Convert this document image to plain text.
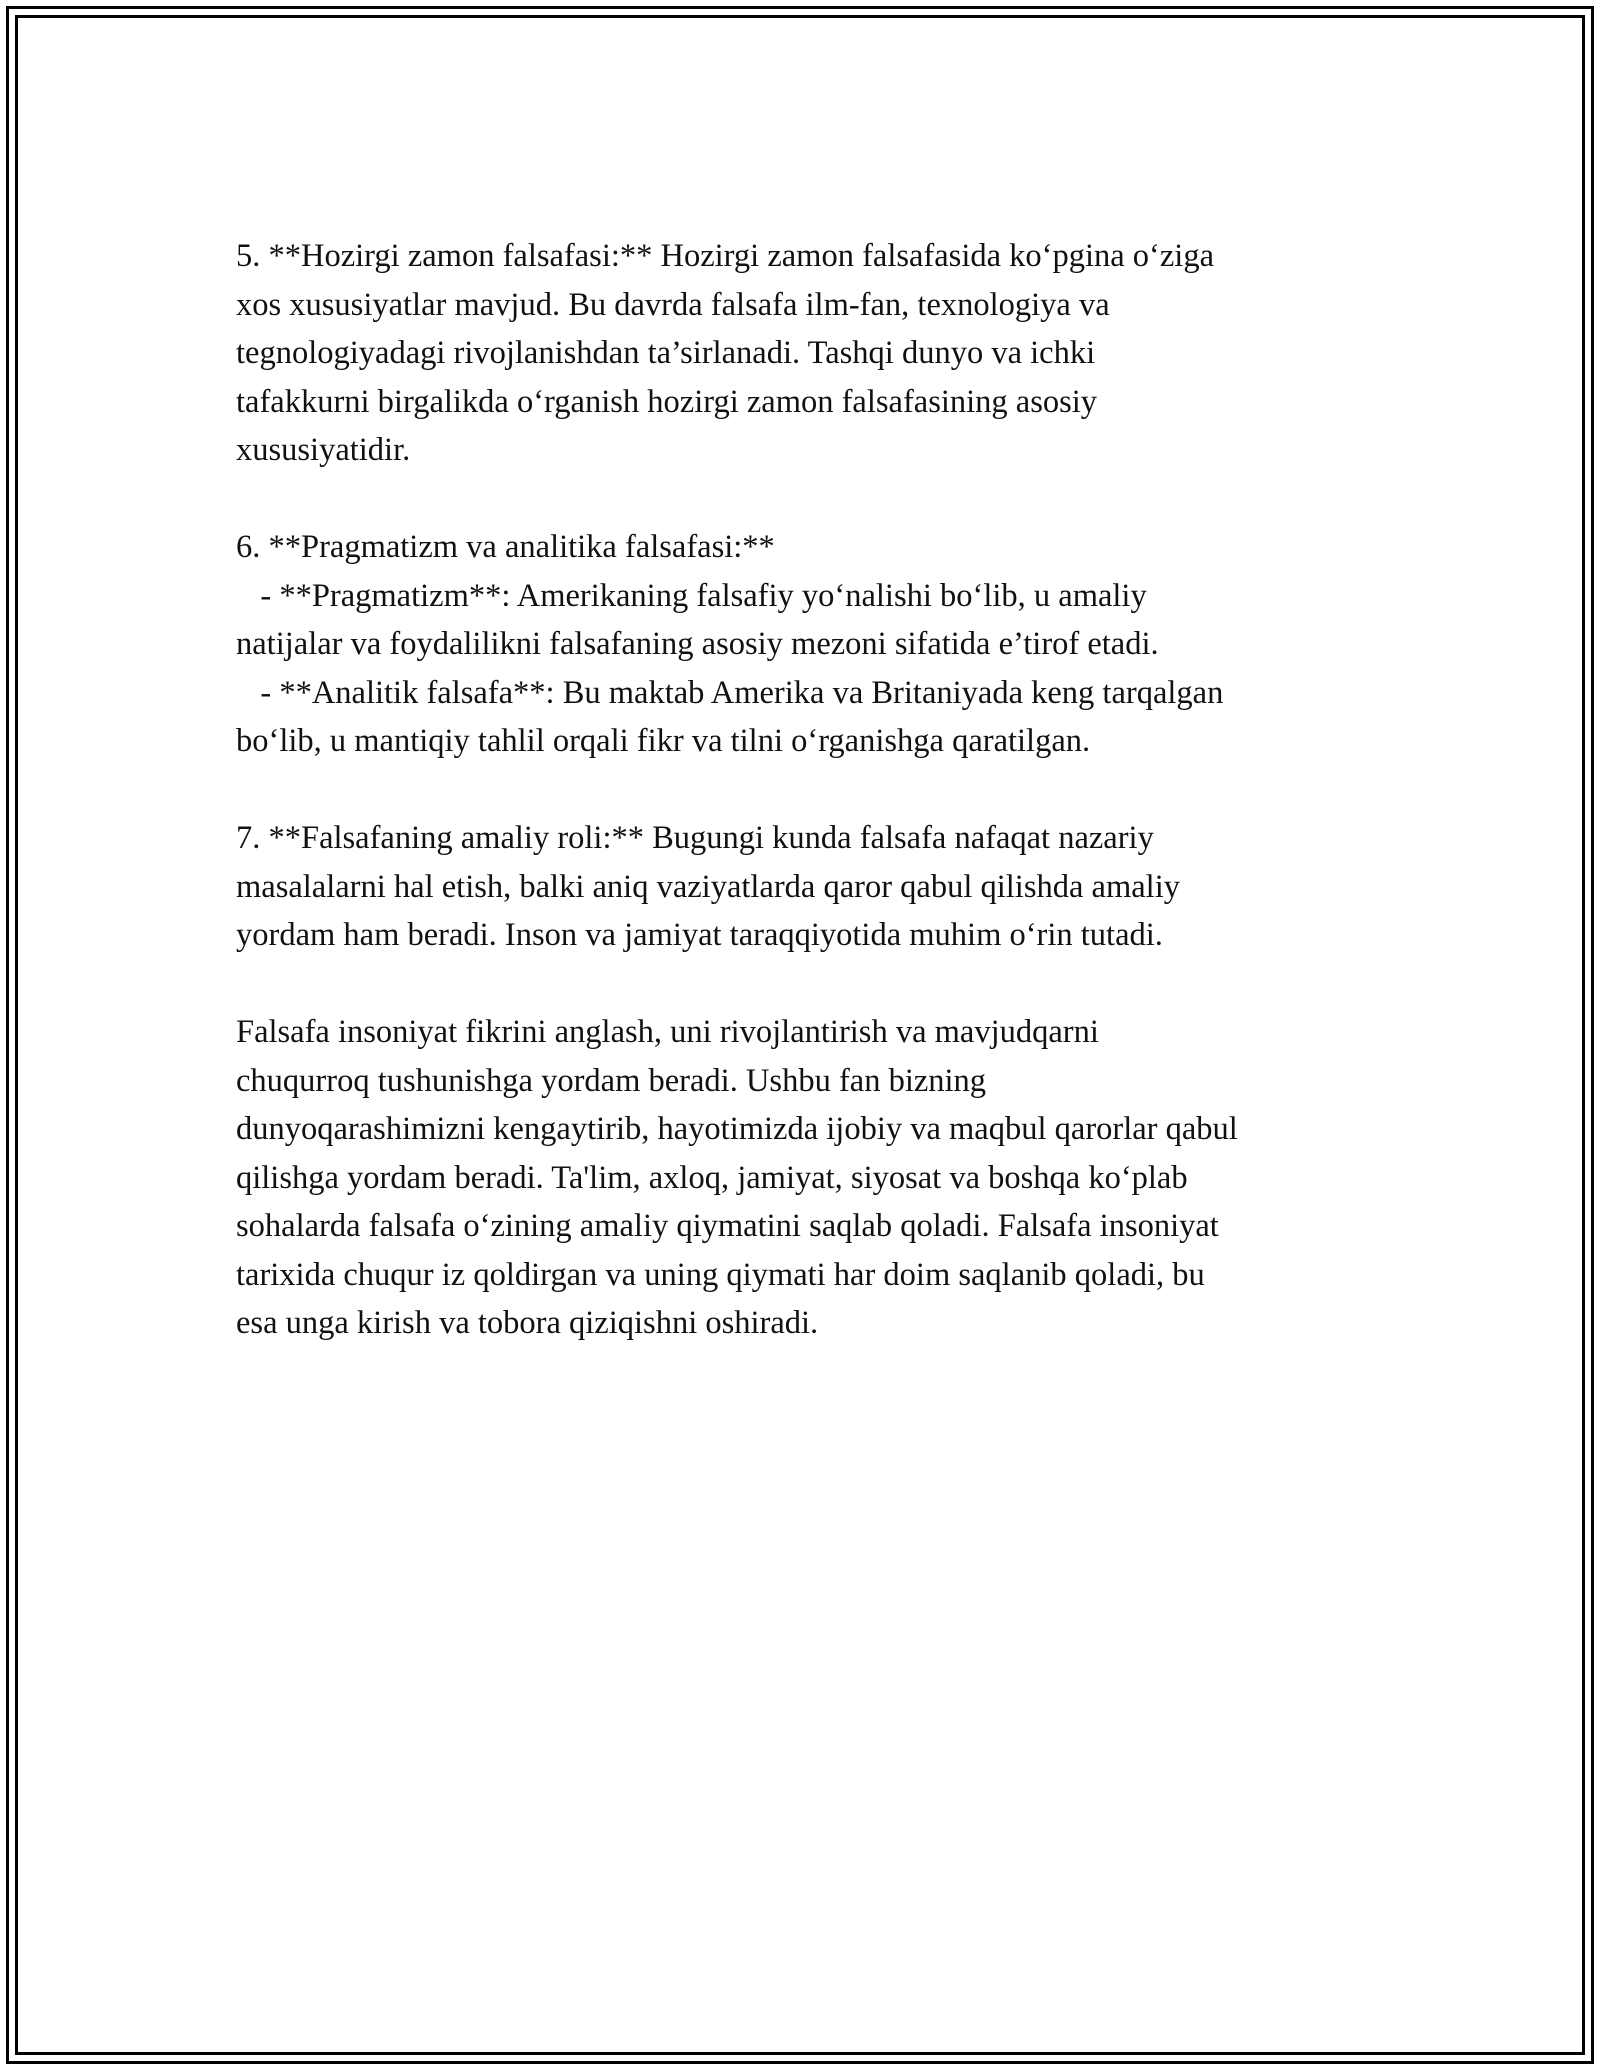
5. **Hozirgi zamon falsafasi:** Hozirgi zamon falsafasida ko‘pgina o‘ziga
xos xususiyatlar mavjud. Bu davrda falsafa ilm-fan, texnologiya va
tegnologiyadagi rivojlanishdan ta’sirlanadi. Tashqi dunyo va ichki
tafakkurni birgalikda o‘rganish hozirgi zamon falsafasining asosiy
xususiyatidir.
6. **Pragmatizm va analitika falsafasi:**
- **Pragmatizm**: Amerikaning falsafiy yo‘nalishi bo‘lib, u amaliy
natijalar va foydalilikni falsafaning asosiy mezoni sifatida e’tirof etadi.
- **Analitik falsafa**: Bu maktab Amerika va Britaniyada keng tarqalgan
bo‘lib, u mantiqiy tahlil orqali fikr va tilni o‘rganishga qaratilgan.
7. **Falsafaning amaliy roli:** Bugungi kunda falsafa nafaqat nazariy
masalalarni hal etish, balki aniq vaziyatlarda qaror qabul qilishda amaliy
yordam ham beradi. Inson va jamiyat taraqqiyotida muhim o‘rin tutadi.
Falsafa insoniyat fikrini anglash, uni rivojlantirish va mavjudqarni
chuqurroq tushunishga yordam beradi. Ushbu fan bizning
dunyoqarashimizni kengaytirib, hayotimizda ijobiy va maqbul qarorlar qabul
qilishga yordam beradi. Ta'lim, axloq, jamiyat, siyosat va boshqa ko‘plab
sohalarda falsafa o‘zining amaliy qiymatini saqlab qoladi. Falsafa insoniyat
tarixida chuqur iz qoldirgan va uning qiymati har doim saqlanib qoladi, bu
esa unga kirish va tobora qiziqishni oshiradi.
